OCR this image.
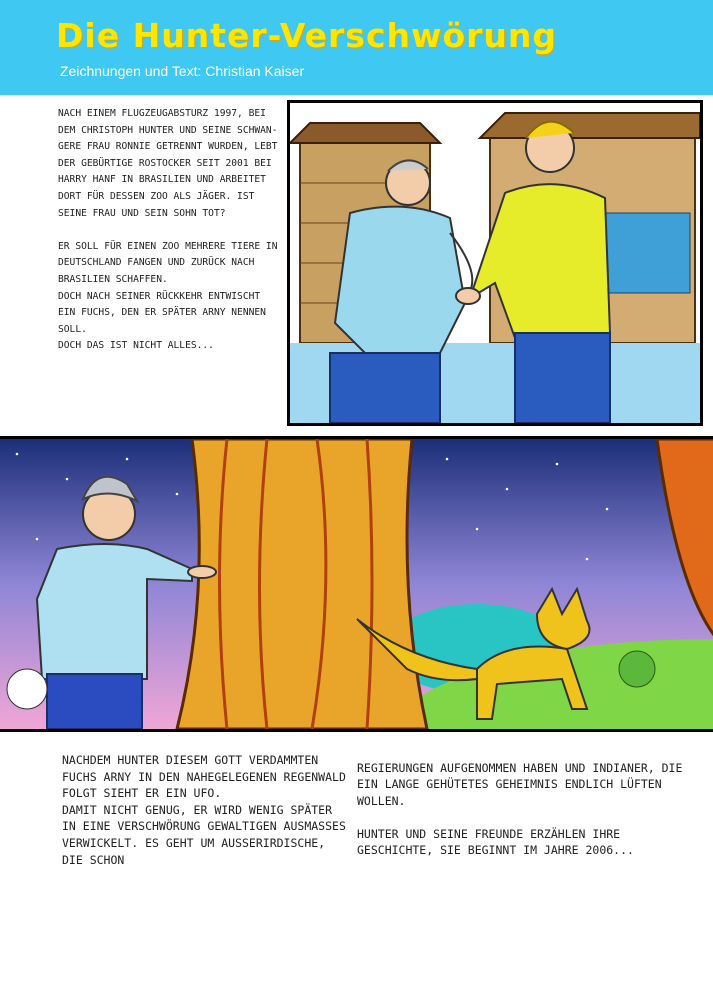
Die Hunter-Verschwörung
Zeichnungen und Text: Christian Kaiser
NACH EINEM FLUGZEUGABSTURZ 1997, BEI DEM CHRISTOPH HUNTER UND SEINE SCHWAN-GERE FRAU RONNIE GETRENNT WURDEN, LEBT DER GEBÜRTIGE ROSTOCKER SEIT 2001 BEI HARRY HANF IN BRASILIEN UND ARBEITET DORT FÜR DESSEN ZOO ALS JÄGER. IST SEINE FRAU UND SEIN SOHN TOT?

ER SOLL FÜR EINEN ZOO MEHRERE TIERE IN DEUTSCHLAND FANGEN UND ZURÜCK NACH BRASILIEN SCHAFFEN.
DOCH NACH SEINER RÜCKKEHR ENTWISCHT EIN FUCHS, DEN ER SPÄTER ARNY NENNEN SOLL.
DOCH DAS IST NICHT ALLES...
NACHDEM HUNTER DIESEM GOTT VERDAMMTEN FUCHS ARNY IN DEN NAHEGELEGENEN REGENWALD FOLGT SIEHT ER EIN UFO.
DAMIT NICHT GENUG, ER WIRD WENIG SPÄTER IN EINE VERSCHWÖRUNG GEWALTIGEN AUSMASSES VERWICKELT. ES GEHT UM AUSSERIRDISCHE, DIE SCHON
REGIERUNGEN AUFGENOMMEN HABEN UND INDIANER, DIE EIN LANGE GEHÜTETES GEHEIMNIS ENDLICH LÜFTEN WOLLEN.

HUNTER UND SEINE FREUNDE ERZÄHLEN IHRE GESCHICHTE, SIE BEGINNT IM JAHRE 2006...
